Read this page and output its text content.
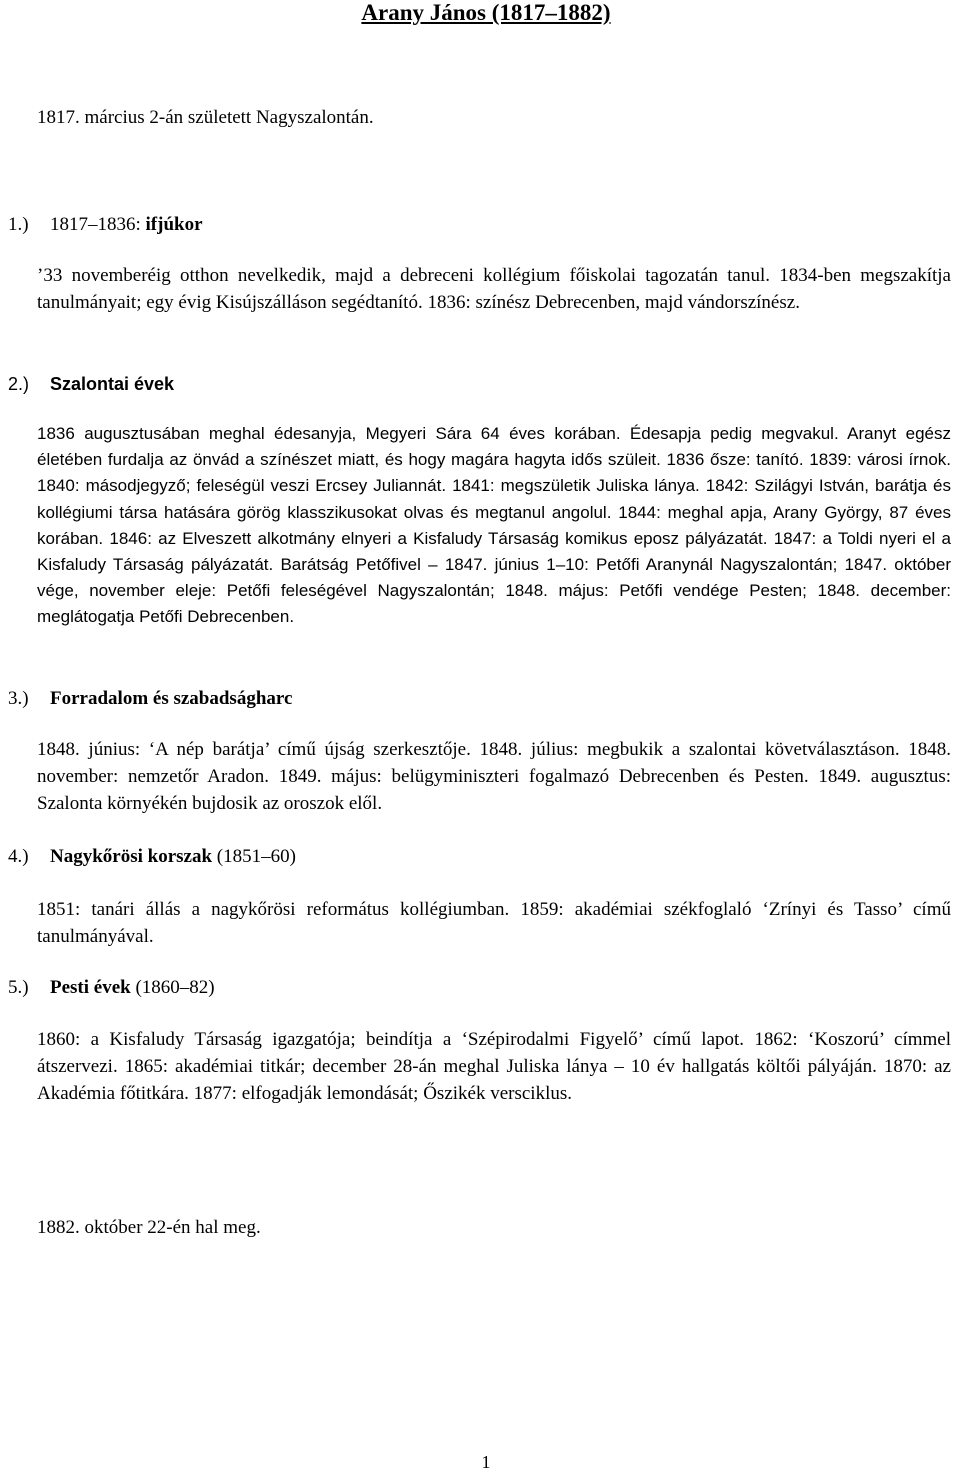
Arany János (1817–1882)
1817. március 2-án született Nagyszalontán.
1.) 1817–1836: ifjúkor
’33 novemberéig otthon nevelkedik, majd a debreceni kollégium főiskolai tagozatán tanul. 1834-ben megszakítja tanulmányait; egy évig Kisújszálláson segédtanító. 1836: színész Debrecenben, majd vándorszínész.
2.) Szalontai évek
1836 augusztusában meghal édesanyja, Megyeri Sára 64 éves korában. Édesapja pedig megvakul. Aranyt egész életében furdalja az önvád a színészet miatt, és hogy magára hagyta idős szüleit. 1836 ősze: tanító. 1839: városi írnok. 1840: másodjegyző; feleségül veszi Ercsey Juliannát. 1841: megszületik Juliska lánya. 1842: Szilágyi István, barátja és kollégiumi társa hatására görög klasszikusokat olvas és megtanul angolul. 1844: meghal apja, Arany György, 87 éves korában. 1846: az Elveszett alkotmány elnyeri a Kisfaludy Társaság komikus eposz pályázatát. 1847: a Toldi nyeri el a Kisfaludy Társaság pályázatát. Barátság Petőfivel – 1847. június 1–10: Petőfi Aranynál Nagyszalontán; 1847. október vége, november eleje: Petőfi feleségével Nagyszalontán; 1848. május: Petőfi vendége Pesten; 1848. december: meglátogatja Petőfi Debrecenben.
3.) Forradalom és szabadságharc
1848. június: ‘A nép barátja’ című újság szerkesztője. 1848. július: megbukik a szalontai követválasztáson. 1848. november: nemzetőr Aradon. 1849. május: belügyminiszteri fogalmazó Debrecenben és Pesten. 1849. augusztus: Szalonta környékén bujdosik az oroszok elől.
4.) Nagykőrösi korszak (1851–60)
1851: tanári állás a nagykőrösi református kollégiumban. 1859: akadémiai székfoglaló ‘Zrínyi és Tasso’ című tanulmányával.
5.) Pesti évek (1860–82)
1860: a Kisfaludy Társaság igazgatója; beindítja a ‘Szépirodalmi Figyelő’ című lapot. 1862: ‘Koszorú’ címmel átszervezi. 1865: akadémiai titkár; december 28-án meghal Juliska lánya – 10 év hallgatás költői pályáján. 1870: az Akadémia főtitkára. 1877: elfogadják lemondását; Őszikék versciklus.
1882. október 22-én hal meg.
1
